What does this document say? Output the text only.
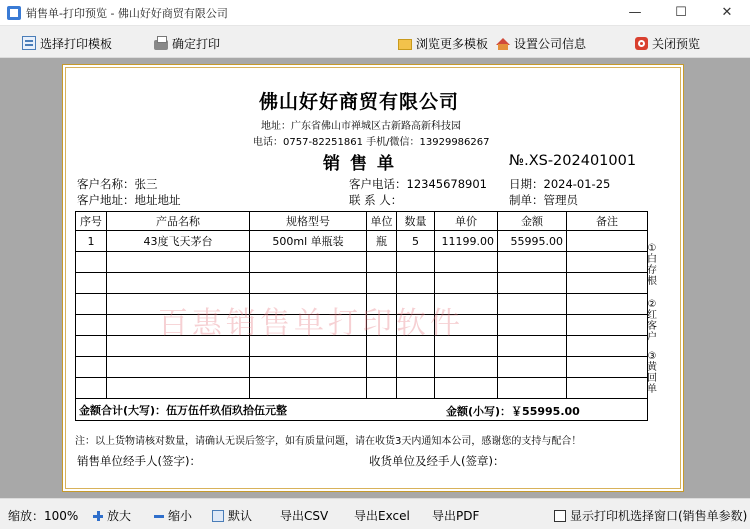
销售单-打印预览 - 佛山好好商贸有限公司	—	☐	✕
选择打印模板	确定打印	浏览更多模板 设置公司信息	关闭预览
佛山好好商贸有限公司
地址：广东省佛山市禅城区古新路高新科技园
电话：0757-82251861 手机/微信：13929986267
销售单	№.XS-202401001
客户名称：张三	客户电话：12345678901 日期：2024-01-25
客户地址：地址地址	联 系 人：	制单：管理员
序号	产品名称	规格型号	单位	数量	单价	金额	备注
1	43度飞天茅台	500ml 单瓶装	瓶	5	11199.00	55995.00	

金额合计(大写)：伍万伍仟玖佰玖拾伍元整 金额(小写)：￥55995.00							
①白存根
②红客户
③黄回单
注：以上货物请核对数量，请确认无误后签字，如有质量问题，请在收货3天内通知本公司，感谢您的支持与配合！
销售单位经手人(签字)：	收货单位及经手人(签章)：
百惠销售单打印软件
缩放：100% 放大	缩小	默认 导出CSV 导出Excel 导出PDF	显示打印机选择窗口(销售单参数)
